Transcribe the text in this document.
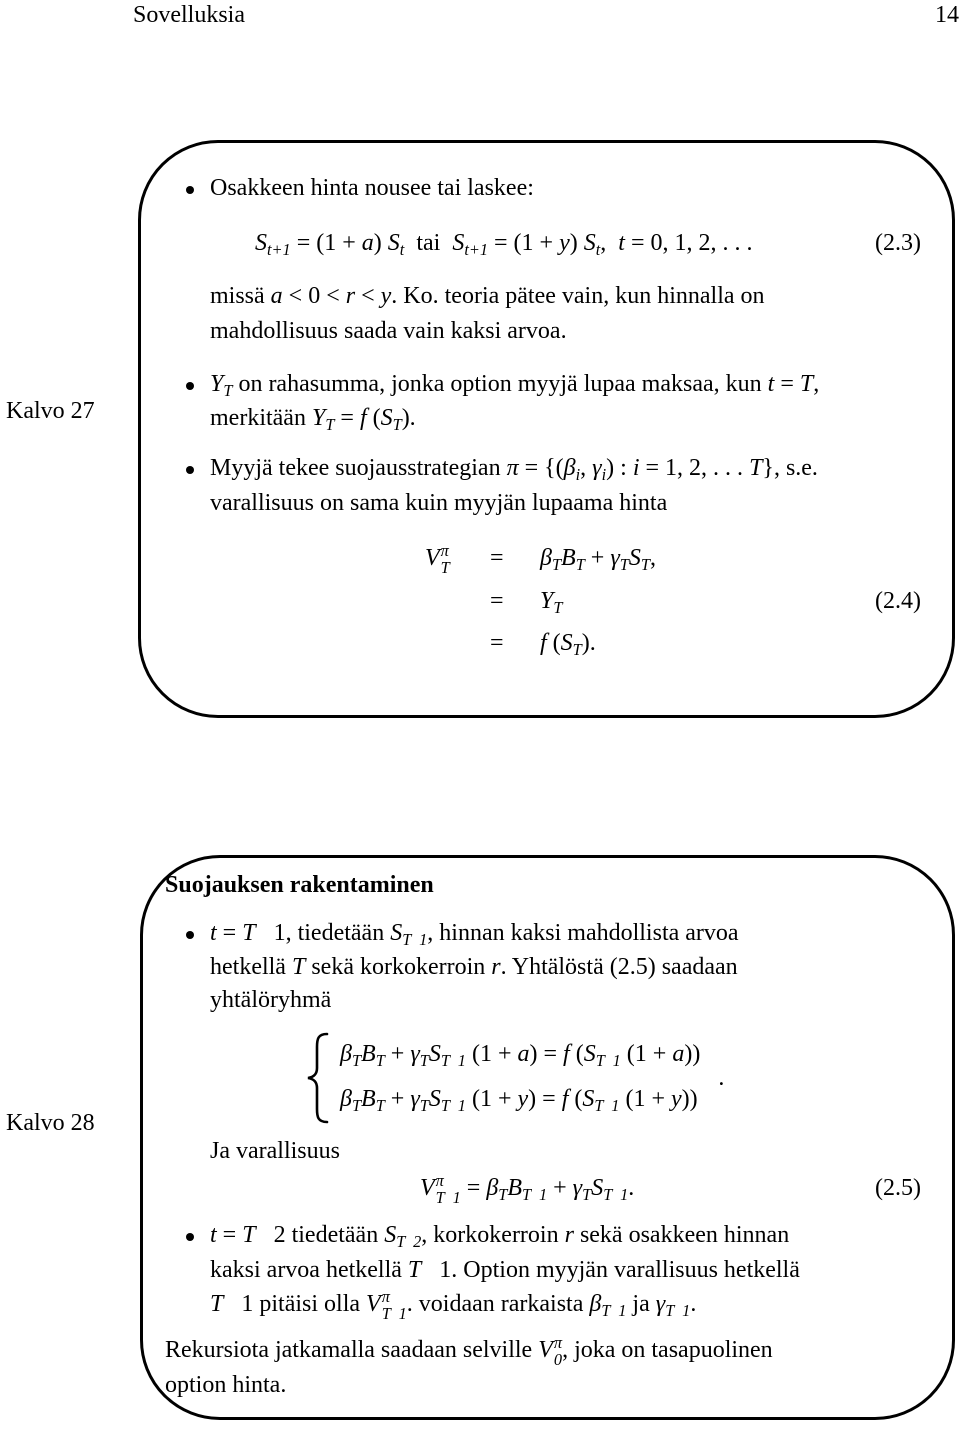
Sovelluksia	14
Kalvo 27
Osakkeen hinta nousee tai laskee:
$S_{t+1} = (1 + a)$ $S_t$  tai  $S_{t+1} = (1 + y)$ $S_t$,  t = 0, 1, 2, . . .	(2.3)
missä a < 0 < r < y. Ko. teoria pätee vain, kun hinnalla on
mahdollisuus saada vain kaksi arvoa.
$Y_T$ on rahasumma, jonka option myyjä lupaa maksaa, kun t = T,
merkitään $Y_T = f$ $(S_T)$.
Myyjä tekee suojausstrategian $\pi = \{(\beta_i$, $\gamma_i$) : i = 1, 2, . . . T}, s.e.
varallisuus on sama kuin myyjän lupaama hinta
V π
$T = \beta_TB_T + \gamma_TS_T$,
= $Y_T$	(2.4)
= f $(S_T)$.
Kalvo 28
Suojauksen rakentaminen
t = T   1, tiedetään $S_{T 1}$, hinnan kaksi mahdollista arvoa
hetkellä T sekä korkokerroin r. Yhtälöstä (2.5) saadaan
yhtälöryhmä
$\beta_TB_T + \gamma_TS_{T 1}$ (1 + a) = f ($S_{T 1}$ (1 + a))
$\beta_TB_T + \gamma_TS_{T 1}$ (1 + y) = f ($S_{T 1}$ (1 + y))
.
Ja varallisuus
V π
T  $1 = \beta_TB_{T 1} + \gamma_TS_{T 1}$.	(2.5)
t = T   2 tiedetään $S_{T 2}$, korkokerroin r sekä osakkeen hinnan
kaksi arvoa hetkellä T   1. Option myyjän varallisuus hetkellä
T   1 pitäisi olla V π
T  1 . voidaan rarkaista $\beta_{T 1}$ ja $\gamma_{T 1}$.
Rekursiota jatkamalla saadaan selville V π
0 , joka on tasapuolinen
option hinta.
